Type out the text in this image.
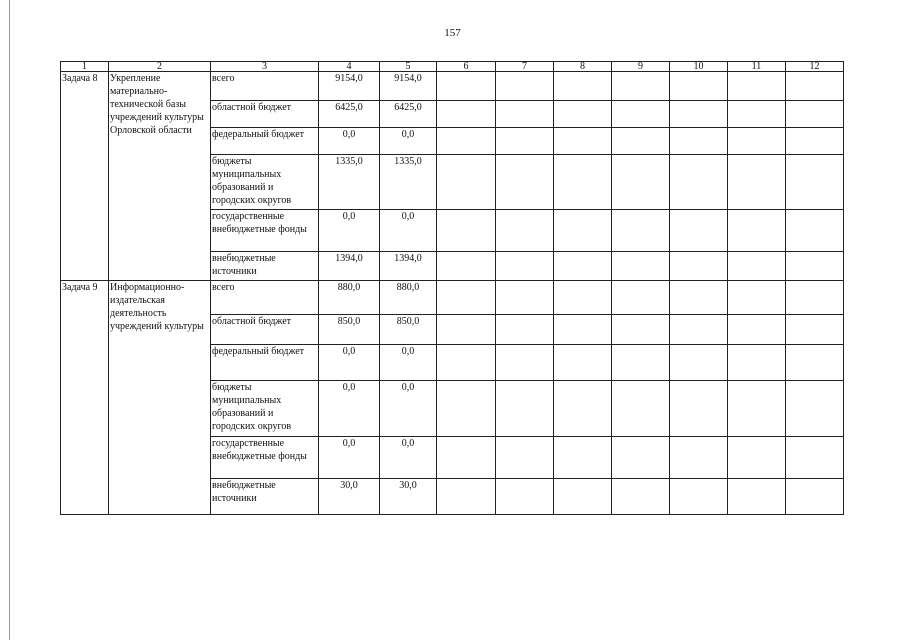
157
1	2	3	4	5	6	7	8	9	10	11	12
Задача 8	Укрепление материально-технической базы учреждений культуры Орловской области	всего	9154,0	9154,0							
		областной бюджет	6425,0	6425,0							
		федеральный бюджет	0,0	0,0							
		бюджеты муниципальных образований и городских округов	1335,0	1335,0							
		государственные внебюджетные фонды	0,0	0,0							
		внебюджетные источники	1394,0	1394,0							
Задача 9	Информационно-издательская деятельность учреждений культуры	всего	880,0	880,0							
		областной бюджет	850,0	850,0							
		федеральный бюджет	0,0	0,0							
		бюджеты муниципальных образований и городских округов	0,0	0,0							
		государственные внебюджетные фонды	0,0	0,0							
		внебюджетные источники	30,0	30,0							
